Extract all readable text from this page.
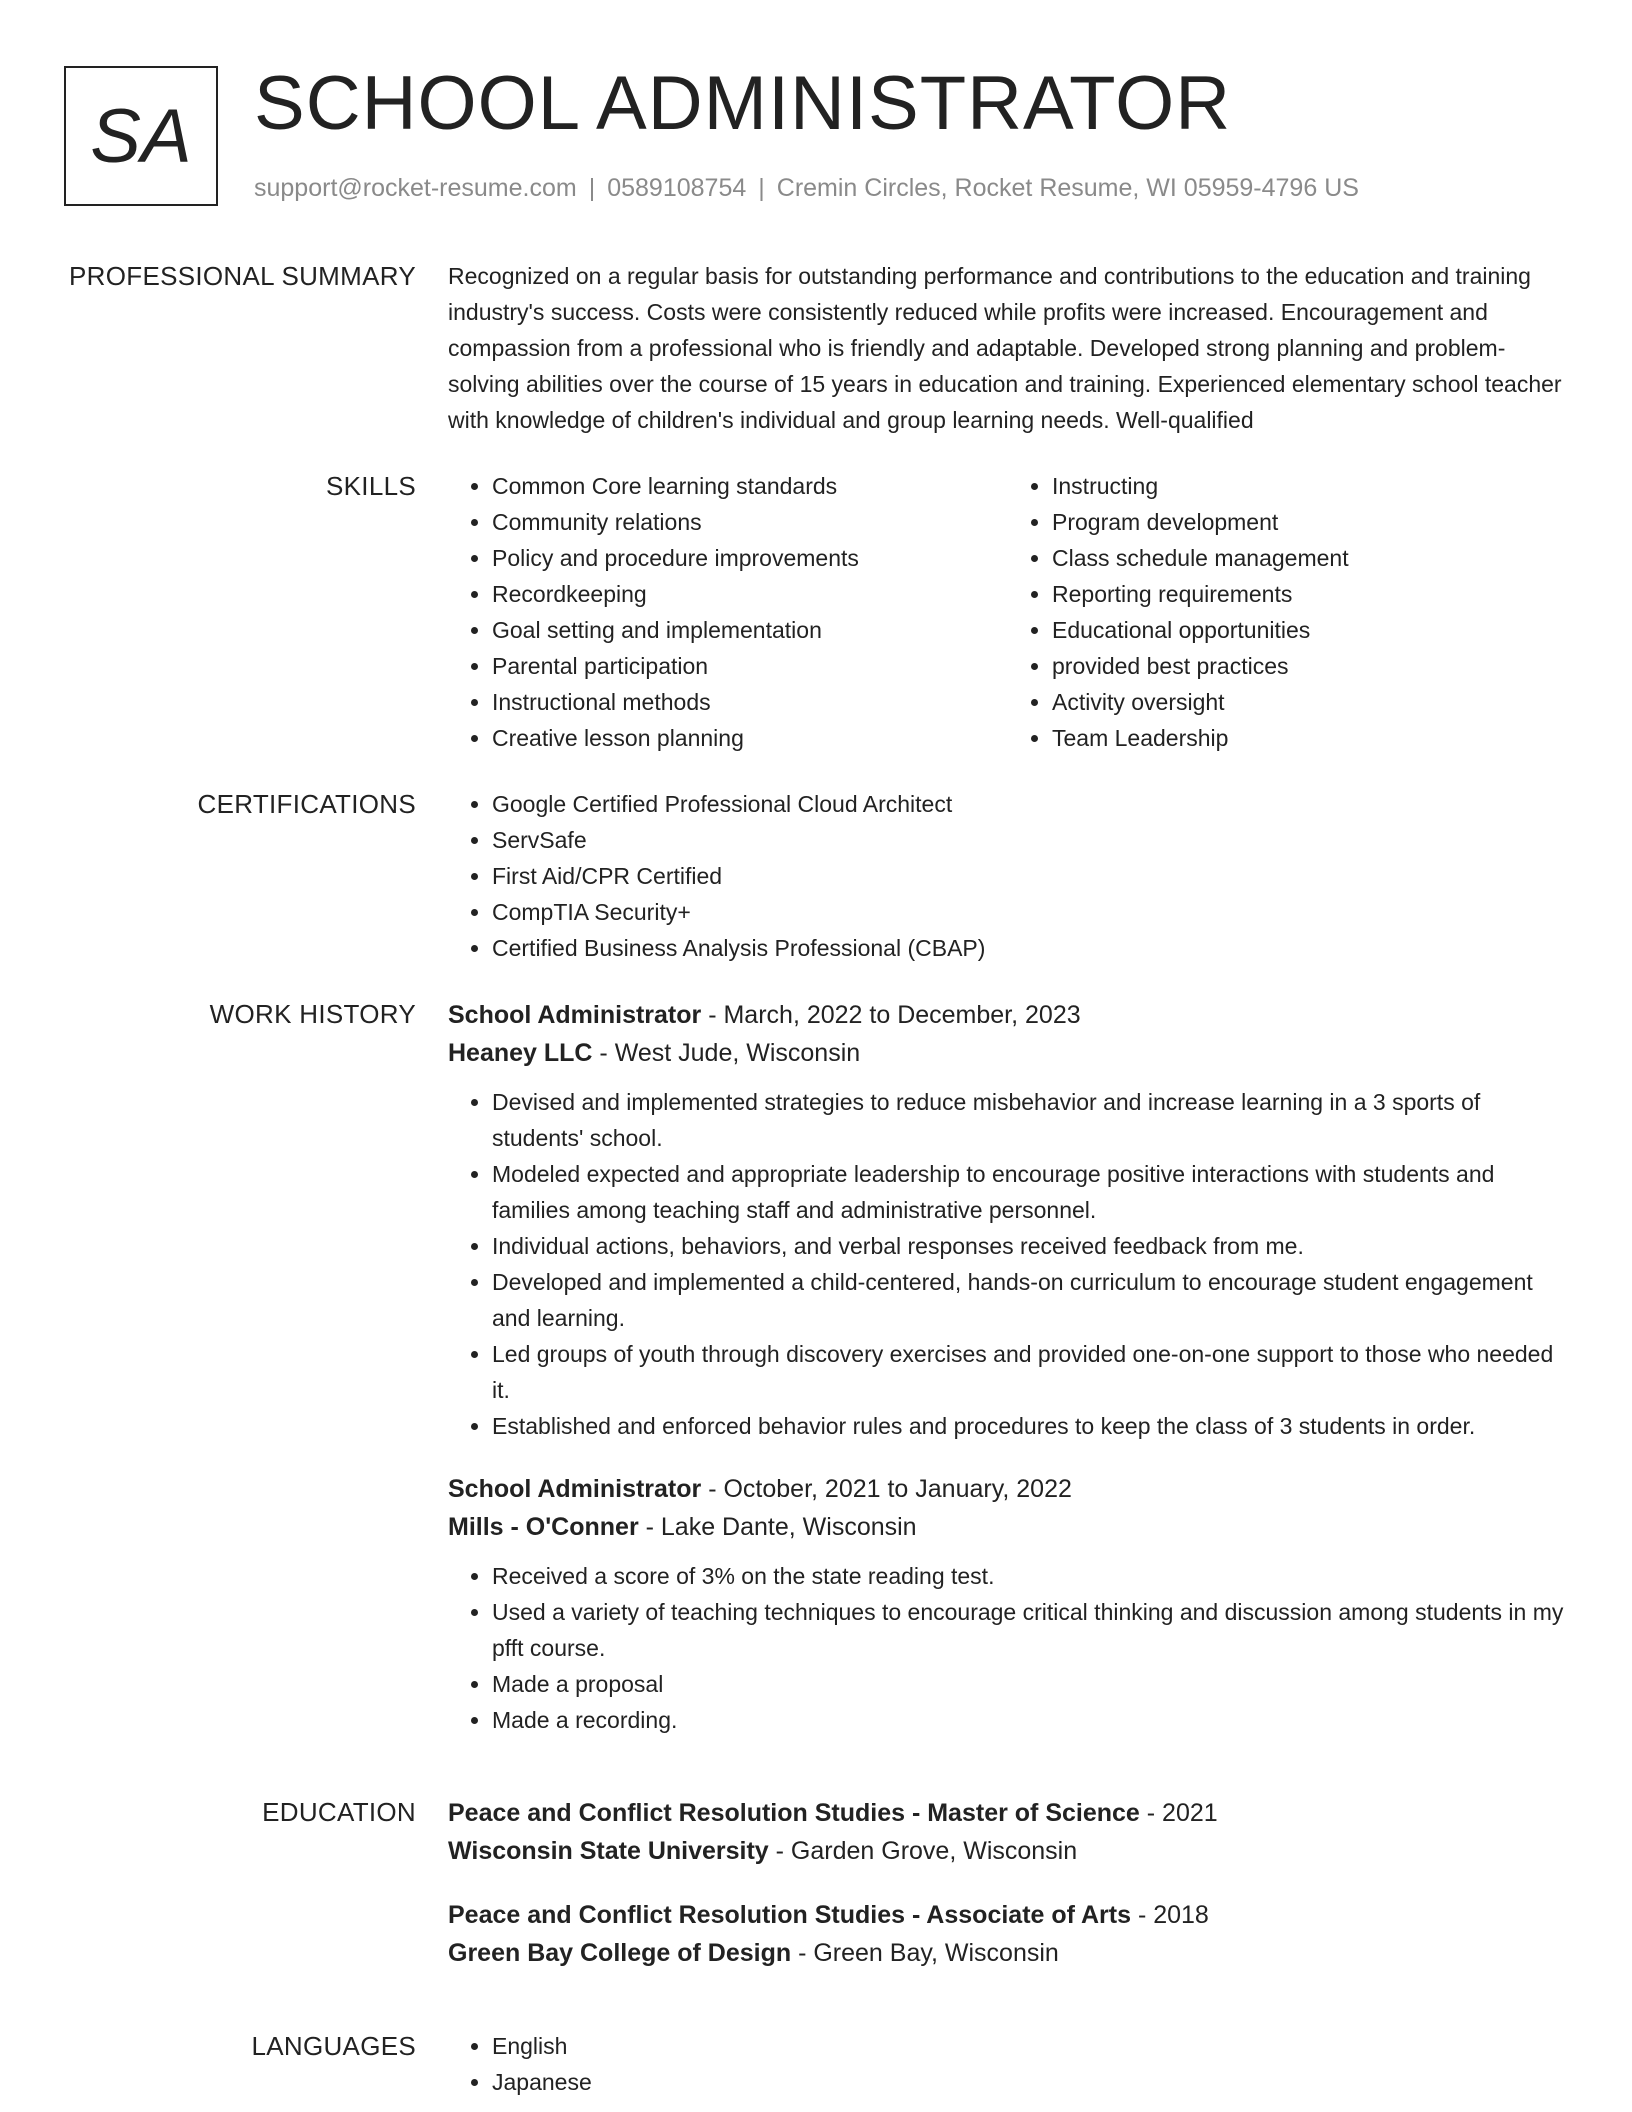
SA SCHOOL ADMINISTRATOR
support@rocket-resume.com | 0589108754 | Cremin Circles, Rocket Resume, WI 05959-4796 US
PROFESSIONAL SUMMARY Recognized on a regular basis for outstanding performance and contributions to the education and training industry's success. Costs were consistently reduced while profits were increased. Encouragement and compassion from a professional who is friendly and adaptable. Developed strong planning and problem-solving abilities over the course of 15 years in education and training. Experienced elementary school teacher with knowledge of children's individual and group learning needs. Well-qualified

SKILLS	• Common Core learning standards
• Community relations
• Policy and procedure improvements
• Recordkeeping
• Goal setting and implementation
• Parental participation
• Instructional methods
• Creative lesson planning
• Instructing
• Program development
• Class schedule management
• Reporting requirements
• Educational opportunities
• provided best practices
• Activity oversight
• Team Leadership
CERTIFICATIONS	• Google Certified Professional Cloud Architect
• ServSafe
• First Aid/CPR Certified
• CompTIA Security+
• Certified Business Analysis Professional (CBAP)
WORK HISTORY School Administrator - March, 2022 to December, 2023
Heaney LLC - West Jude, Wisconsin
• Devised and implemented strategies to reduce misbehavior and increase learning in a 3 sports of students' school.
• Modeled expected and appropriate leadership to encourage positive interactions with students and families among teaching staff and administrative personnel.
• Individual actions, behaviors, and verbal responses received feedback from me.
• Developed and implemented a child-centered, hands-on curriculum to encourage student engagement and learning.
• Led groups of youth through discovery exercises and provided one-on-one support to those who needed it.
• Established and enforced behavior rules and procedures to keep the class of 3 students in order.
School Administrator - October, 2021 to January, 2022
Mills - O'Conner - Lake Dante, Wisconsin
• Received a score of 3% on the state reading test.
• Used a variety of teaching techniques to encourage critical thinking and discussion among students in my pfft course.
• Made a proposal
• Made a recording.
EDUCATION Peace and Conflict Resolution Studies - Master of Science - 2021
Wisconsin State University - Garden Grove, Wisconsin
Peace and Conflict Resolution Studies - Associate of Arts - 2018
Green Bay College of Design - Green Bay, Wisconsin
LANGUAGES	• English
• Japanese
